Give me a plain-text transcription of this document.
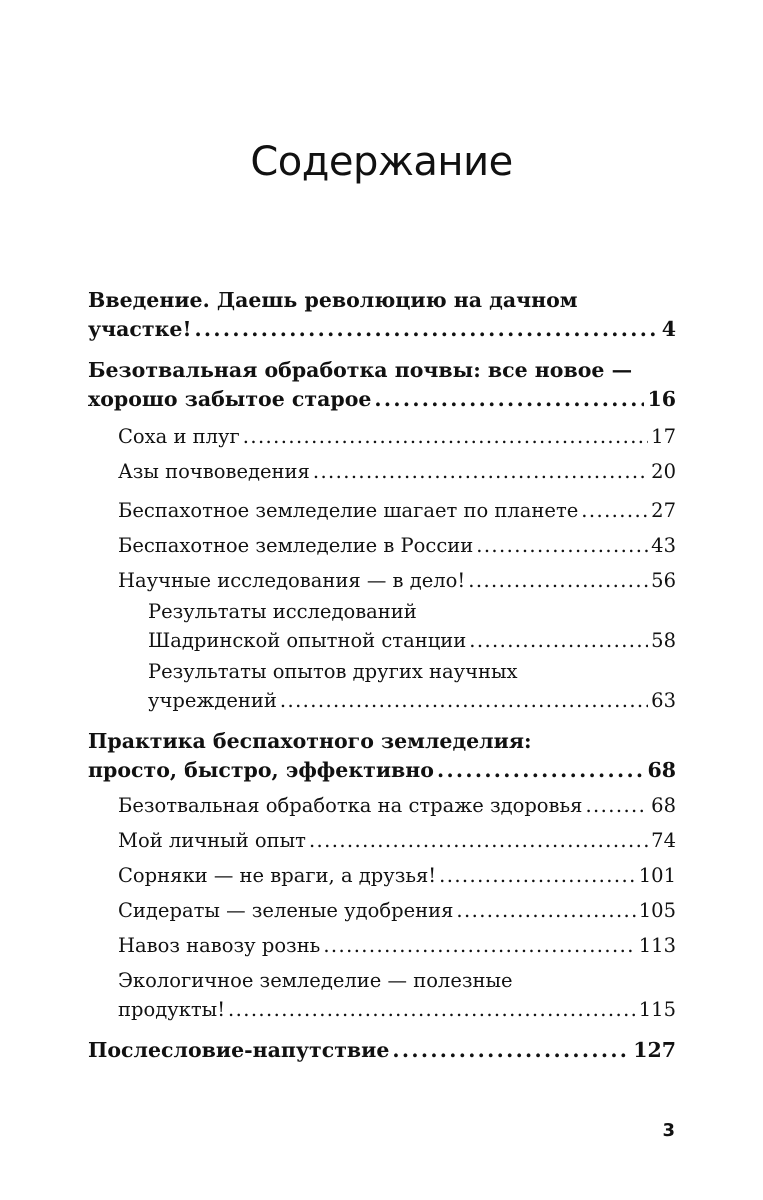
Содержание
Введение. Даешь революцию на дачном
участке! . . .	4
Безотвальная обработка почвы: все новое —
хорошо забытое старое . . .	16
Соха и плуг . . .	17
Азы почвоведения . . .	20
Беспахотное земледелие шагает по планете . . .	27
Беспахотное земледелие в России . . .	43
Научные исследования — в дело! . . .	56
Результаты исследований
Шадринской опытной станции . . .	58
Результаты опытов других научных
учреждений . . .	63
Практика беспахотного земледелия:
просто, быстро, эффективно . . .	68
Безотвальная обработка на страже здоровья . . .	68
Мой личный опыт . . .	74
Сорняки — не враги, а друзья! . . .	101
Сидераты — зеленые удобрения . . .	105
Навоз навозу рознь . . .	113
Экологичное земледелие — полезные
продукты! . . .	115
Послесловие-напутствие . . .	127
3
